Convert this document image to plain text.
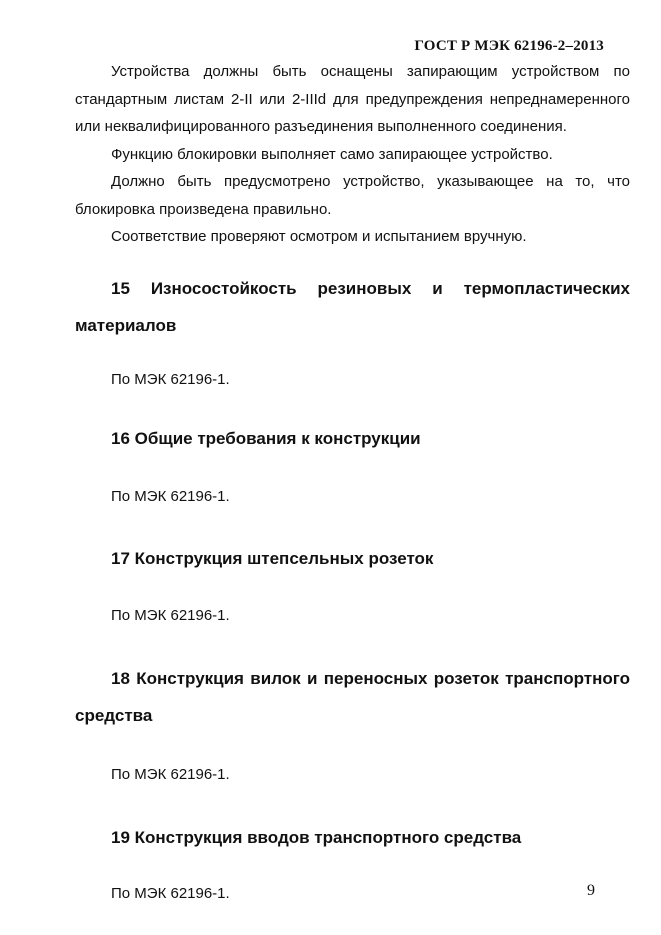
ГОСТ Р МЭК 62196-2–2013

Устройства должны быть оснащены запирающим устройством по стандартным листам 2-II или 2-IIId для предупреждения непреднамеренного или неквалифицированного разъединения выполненного соединения.

Функцию блокировки выполняет само запирающее устройство.

Должно быть предусмотрено устройство, указывающее на то, что блокировка произведена правильно.

Соответствие проверяют осмотром и испытанием вручную.

15 Износостойкость резиновых и термопластических материалов

По МЭК 62196-1.

16 Общие требования к конструкции

По МЭК 62196-1.

17 Конструкция штепсельных розеток

По МЭК 62196-1.

18 Конструкция вилок и переносных розеток транспортного средства

По МЭК 62196-1.

19 Конструкция вводов транспортного средства

По МЭК 62196-1.	9
